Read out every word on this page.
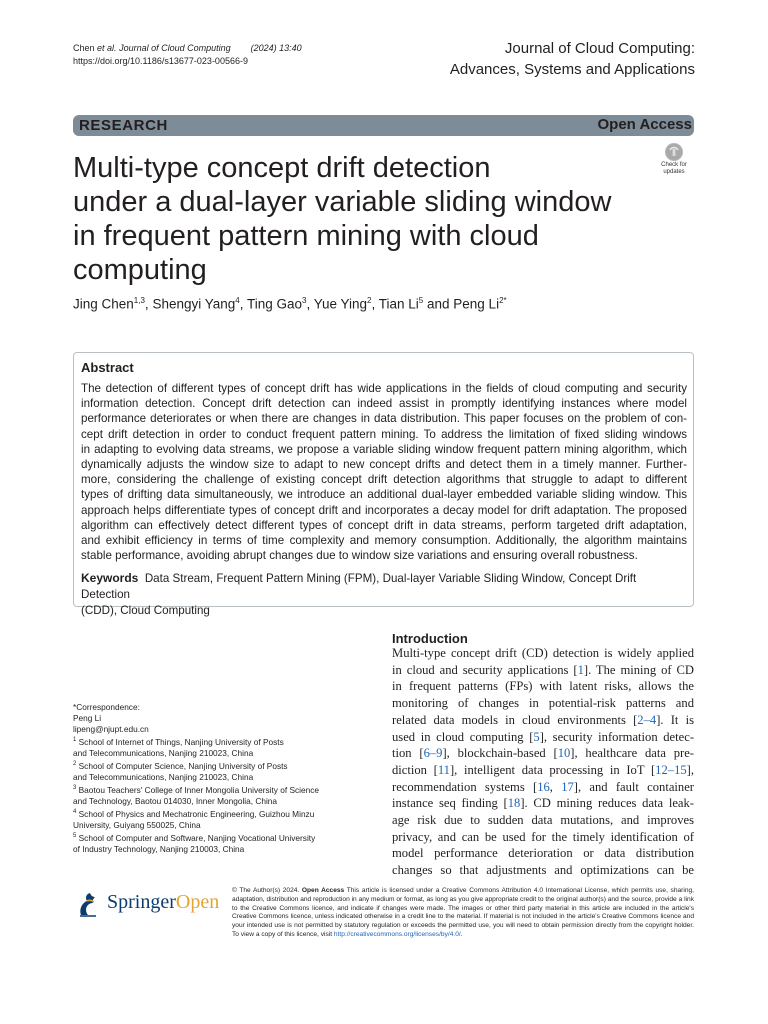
Chen et al. Journal of Cloud Computing (2024) 13:40
https://doi.org/10.1186/s13677-023-00566-9
Journal of Cloud Computing:
Advances, Systems and Applications
RESEARCH	Open Access
Multi-type concept drift detection
under a dual-layer variable sliding window
in frequent pattern mining with cloud
computing
Check for
updates
Jing Chen$^{1,3}$, Shengyi Yang$^4$, Ting Gao$^3$, Yue Ying$^2$, Tian Li$^5$ and Peng $Li^{2*}$
Abstract
The detection of different types of concept drift has wide applications in the fields of cloud computing and security
information detection. Concept drift detection can indeed assist in promptly identifying instances where model
performance deteriorates or when there are changes in data distribution. This paper focuses on the problem of con-
cept drift detection in order to conduct frequent pattern mining. To address the limitation of fixed sliding windows
in adapting to evolving data streams, we propose a variable sliding window frequent pattern mining algorithm, which
dynamically adjusts the window size to adapt to new concept drifts and detect them in a timely manner. Further-
more, considering the challenge of existing concept drift detection algorithms that struggle to adapt to different
types of drifting data simultaneously, we introduce an additional dual-layer embedded variable sliding window. This
approach helps differentiate types of concept drift and incorporates a decay model for drift adaptation. The proposed
algorithm can effectively detect different types of concept drift in data streams, perform targeted drift adaptation,
and exhibit efficiency in terms of time complexity and memory consumption. Additionally, the algorithm maintains
stable performance, avoiding abrupt changes due to window size variations and ensuring overall robustness.
Keywords Data Stream, Frequent Pattern Mining (FPM), Dual-layer Variable Sliding Window, Concept Drift Detection
(CDD), Cloud Computing
*Correspondence:
Peng Li
lipeng@njupt.edu.cn
$^1$ School of Internet of Things, Nanjing University of Posts
and Telecommunications, Nanjing 210023, China
$^2$ School of Computer Science, Nanjing University of Posts
and Telecommunications, Nanjing 210023, China
$^3$ Baotou Teachers' College of Inner Mongolia University of Science
and Technology, Baotou 014030, Inner Mongolia, China
$^4$ School of Physics and Mechatronic Engineering, Guizhou Minzu
University, Guiyang 550025, China
$^5$ School of Computer and Software, Nanjing Vocational University
of Industry Technology, Nanjing 210003, China
Introduction
Multi-type concept drift (CD) detection is widely applied
in cloud and security applications [1]. The mining of CD
in frequent patterns (FPs) with latent risks, allows the
monitoring of changes in potential-risk patterns and
related data models in cloud environments [2–4]. It is
used in cloud computing [5], security information detec-
tion [6–9], blockchain-based [10], healthcare data pre-
diction [11], intelligent data processing in IoT [12–15],
recommendation systems [16, 17], and fault container
instance seq finding [18]. CD mining reduces data leak-
age risk due to sudden data mutations, and improves
privacy, and can be used for the timely identification of
model performance deterioration or data distribution
changes so that adjustments and optimizations can be
SpringerOpen
© The Author(s) 2024. Open Access This article is licensed under a Creative Commons Attribution 4.0 International License, which permits use, sharing, adaptation, distribution and reproduction in any medium or format, as long as you give appropriate credit to the original author(s) and the source, provide a link to the Creative Commons licence, and indicate if changes were made. The images or other third party material in this article are included in the article's Creative Commons licence, unless indicated otherwise in a credit line to the material. If material is not included in the article's Creative Commons licence and your intended use is not permitted by statutory regulation or exceeds the permitted use, you will need to obtain permission directly from the copyright holder. To view a copy of this licence, visit http://creativecommons.org/licenses/by/4.0/.
